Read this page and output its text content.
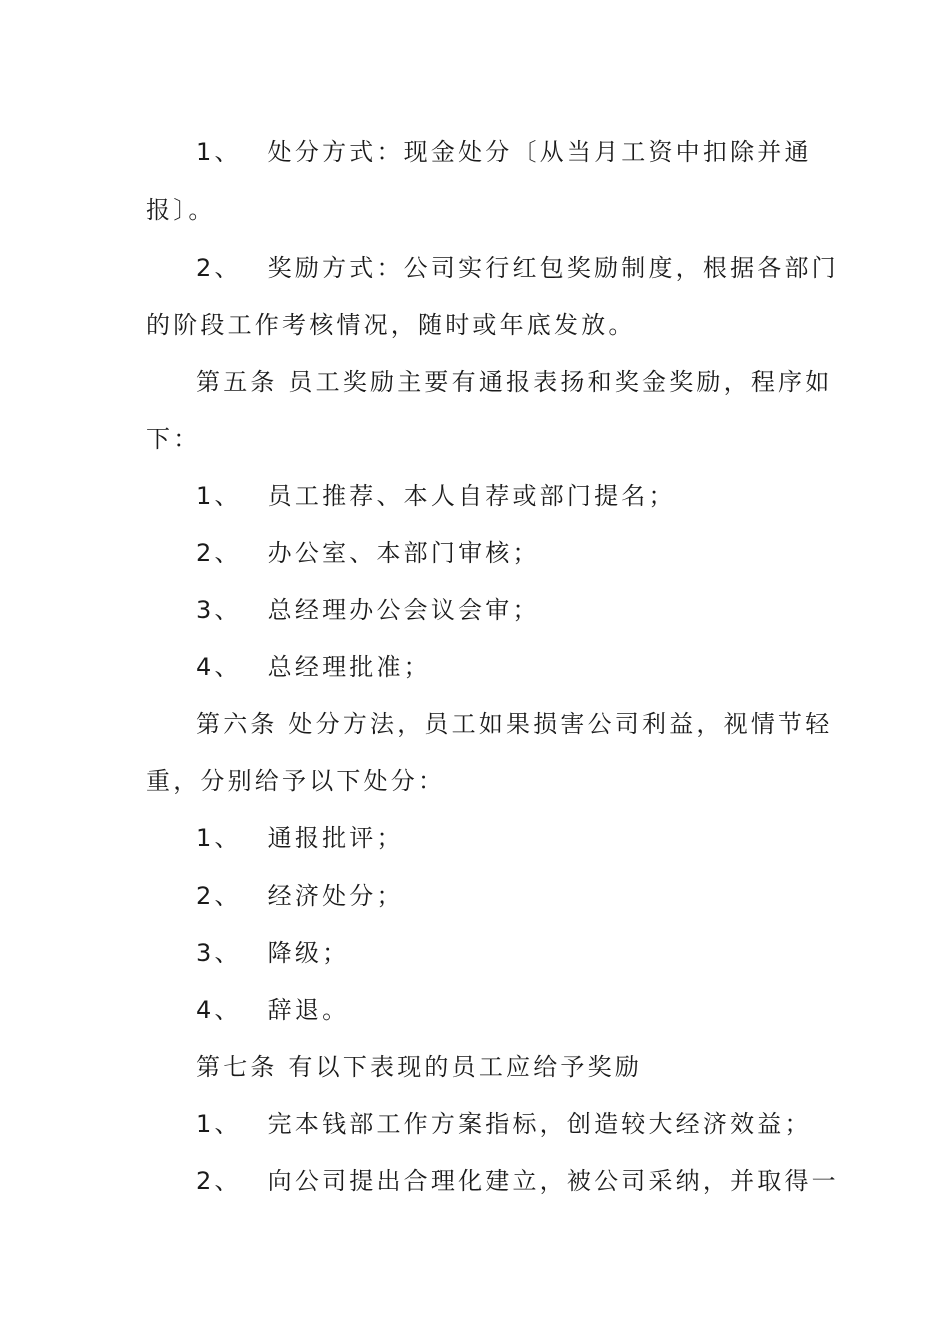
1、 处分方式：现金处分〔从当月工资中扣除并通
报〕。
2、 奖励方式：公司实行红包奖励制度，根据各部门
的阶段工作考核情况，随时或年底发放。
第五条 员工奖励主要有通报表扬和奖金奖励，程序如
下：
1、 员工推荐、本人自荐或部门提名；
2、 办公室、本部门审核；
3、 总经理办公会议会审；
4、 总经理批准；
第六条 处分方法，员工如果损害公司利益，视情节轻
重，分别给予以下处分：
1、 通报批评；
2、 经济处分；
3、 降级；
4、 辞退。
第七条 有以下表现的员工应给予奖励
1、 完本钱部工作方案指标，创造较大经济效益；
2、 向公司提出合理化建立，被公司采纳，并取得一
